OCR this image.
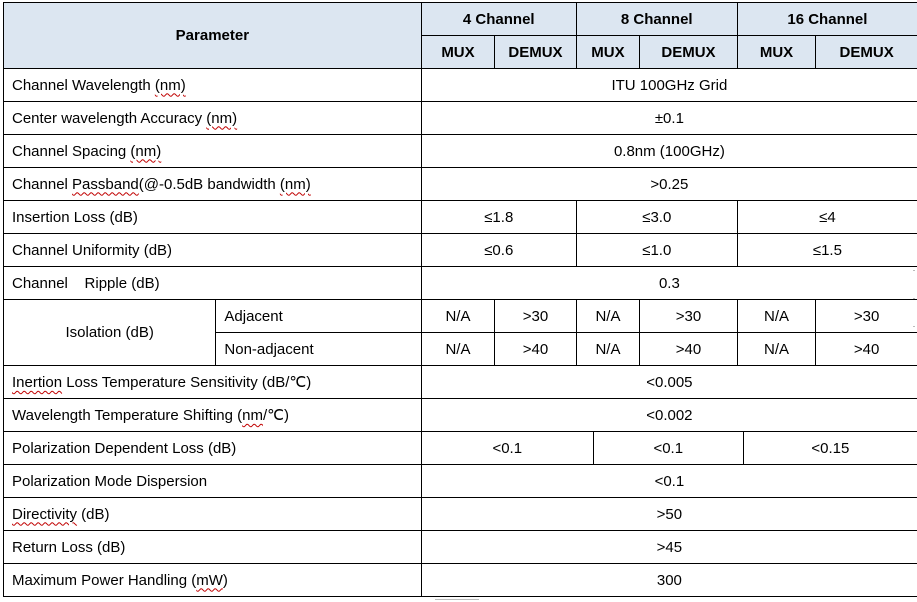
Parameter		4 Channel		8 Channel		16 Channel	
		MUX	DEMUX	MUX	DEMUX	MUX	DEMUX
Channel Wavelength (nm)		ITU 100GHz Grid					
Center wavelength Accuracy (nm)		±0.1					
Channel Spacing (nm)		0.8nm (100GHz)					
Channel Passband(@-0.5dB bandwidth (nm)		>0.25					
Insertion Loss (dB)		≤1.8		≤3.0		≤4	
Channel Uniformity (dB)		≤0.6		≤1.0		≤1.5	
Channel    Ripple (dB)		0.3					
Isolation (dB)	Adjacent	N/A	>30	N/A	>30	N/A	>30
	Non-adjacent	N/A	>40	N/A	>40	N/A	>40
Inertion Loss Temperature Sensitivity (dB/℃)		<0.005					
Wavelength Temperature Shifting (nm/℃)		<0.002					
Polarization Dependent Loss (dB)		<0.1 <0.1 <0.15					

Polarization Mode Dispersion		<0.1					
Directivity (dB)		>50					
Return Loss (dB)		>45					
Maximum Power Handling (mW)		300					
